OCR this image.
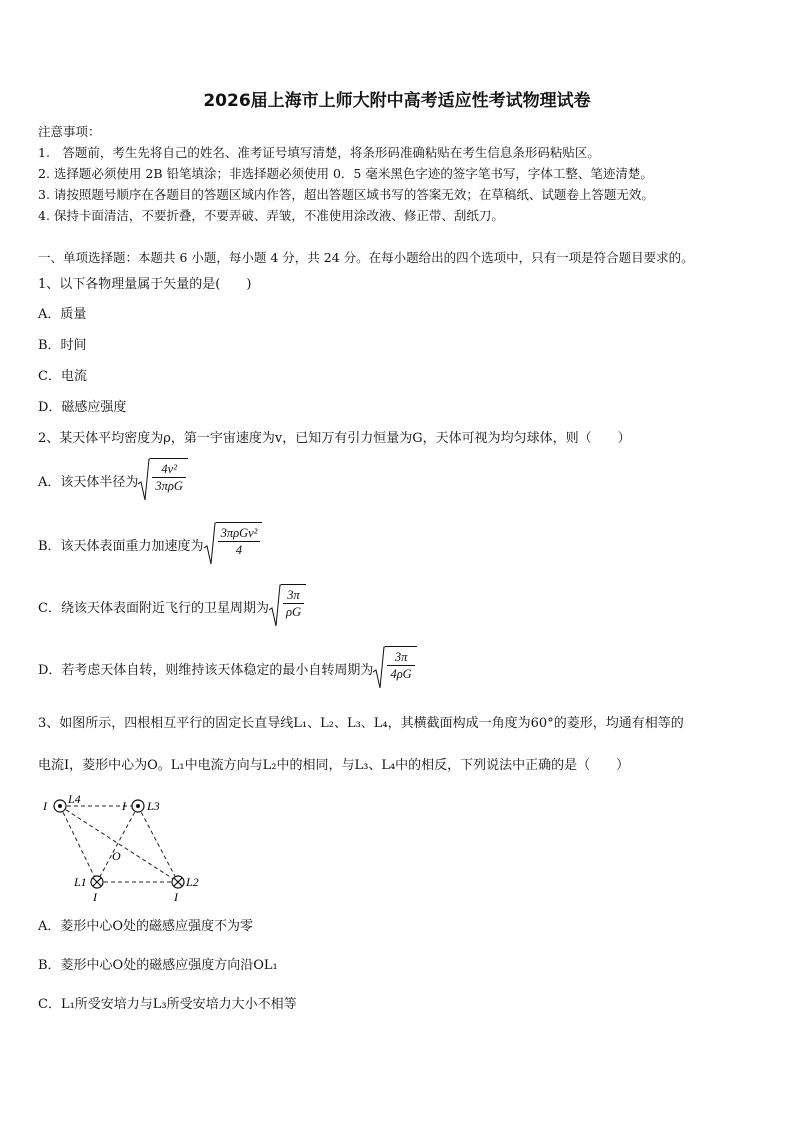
2026届上海市上师大附中高考适应性考试物理试卷
注意事项：
1.　答题前，考生先将自己的姓名、准考证号填写清楚，将条形码准确粘贴在考生信息条形码粘贴区。
2. 选择题必须使用 2B 铅笔填涂；非选择题必须使用 0．5 毫米黑色字迹的签字笔书写，字体工整、笔迹清楚。
3. 请按照题号顺序在各题目的答题区域内作答，超出答题区域书写的答案无效；在草稿纸、试题卷上答题无效。
4. 保持卡面清洁，不要折叠，不要弄破、弄皱，不准使用涂改液、修正带、刮纸刀。
一、单项选择题：本题共 6 小题，每小题 4 分，共 24 分。在每小题给出的四个选项中，只有一项是符合题目要求的。
1、以下各物理量属于矢量的是(　　)
A．质量
B．时间
C．电流
D．磁感应强度
2、某天体平均密度为ρ，第一宇宙速度为v，已知万有引力恒量为G，天体可视为均匀球体，则（　　）
A．该天体半径为
4v²
3πρG
B．该天体表面重力加速度为
3πρGv²
4
C．绕该天体表面附近飞行的卫星周期为 $\frac{3\pi}{\rho G}$
D．若考虑天体自转，则维持该天体稳定的最小自转周期为 $\frac{3\pi}{4\rho G}$
3、如图所示，四根相互平行的固定长直导线L₁、L₂、L₃、L₄，其横截面构成一角度为60°的菱形，均通有相等的
电流I，菱形中心为O。L₁中电流方向与L₂中的相同，与L₃、L₄中的相反，下列说法中正确的是（　　）
I L4	I L3
O
L1	L2
I	I
A．菱形中心O处的磁感应强度不为零
B．菱形中心O处的磁感应强度方向沿OL₁
C．L₁所受安培力与L₃所受安培力大小不相等
